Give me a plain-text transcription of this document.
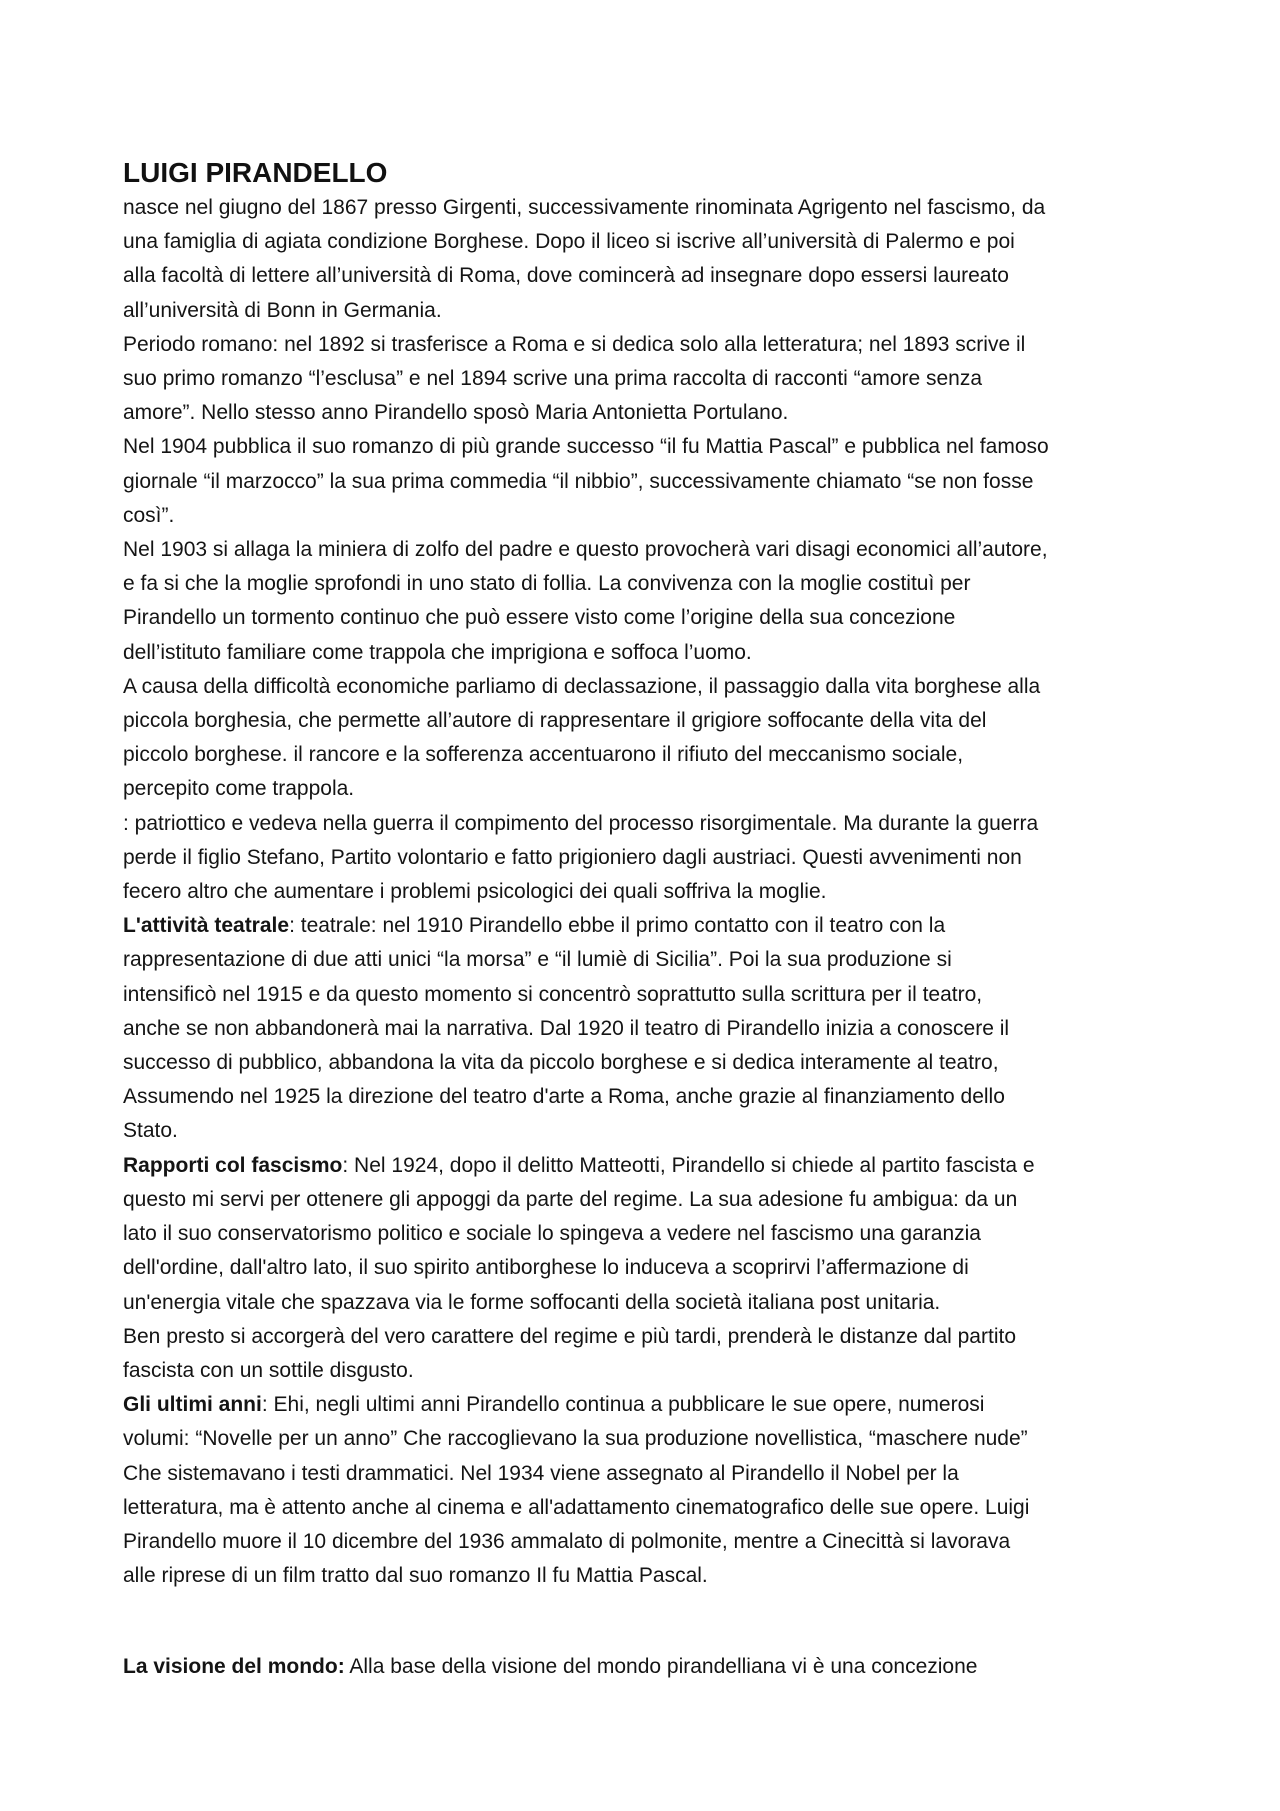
LUIGI PIRANDELLO

nasce nel giugno del 1867 presso Girgenti, successivamente rinominata Agrigento nel fascismo, da

una famiglia di agiata condizione Borghese. Dopo il liceo si iscrive all’università di Palermo e poi

alla facoltà di lettere all’università di Roma, dove comincerà ad insegnare dopo essersi laureato

all’università di Bonn in Germania.

Periodo romano: nel 1892 si trasferisce a Roma e si dedica solo alla letteratura; nel 1893 scrive il

suo primo romanzo “l’esclusa” e nel 1894 scrive una prima raccolta di racconti “amore senza

amore”. Nello stesso anno Pirandello sposò Maria Antonietta Portulano.

Nel 1904 pubblica il suo romanzo di più grande successo “il fu Mattia Pascal” e pubblica nel famoso

giornale “il marzocco” la sua prima commedia “il nibbio”, successivamente chiamato “se non fosse

così”.

Nel 1903 si allaga la miniera di zolfo del padre e questo provocherà vari disagi economici all’autore,

e fa si che la moglie sprofondi in uno stato di follia. La convivenza con la moglie costituì per

Pirandello un tormento continuo che può essere visto come l’origine della sua concezione

dell’istituto familiare come trappola che imprigiona e soffoca l’uomo.

A causa della difficoltà economiche parliamo di declassazione, il passaggio dalla vita borghese alla

piccola borghesia, che permette all’autore di rappresentare il grigiore soffocante della vita del

piccolo borghese. il rancore e la sofferenza accentuarono il rifiuto del meccanismo sociale,

percepito come trappola.

: patriottico e vedeva nella guerra il compimento del processo risorgimentale. Ma durante la guerra

perde il figlio Stefano, Partito volontario e fatto prigioniero dagli austriaci. Questi avvenimenti non

fecero altro che aumentare i problemi psicologici dei quali soffriva la moglie.

L'attività teatrale: teatrale: nel 1910 Pirandello ebbe il primo contatto con il teatro con la

rappresentazione di due atti unici “la morsa” e “il lumiè di Sicilia”. Poi la sua produzione si

intensificò nel 1915 e da questo momento si concentrò soprattutto sulla scrittura per il teatro,

anche se non abbandonerà mai la narrativa. Dal 1920 il teatro di Pirandello inizia a conoscere il

successo di pubblico, abbandona la vita da piccolo borghese e si dedica interamente al teatro,

Assumendo nel 1925 la direzione del teatro d'arte a Roma, anche grazie al finanziamento dello

Stato.

Rapporti col fascismo: Nel 1924, dopo il delitto Matteotti, Pirandello si chiede al partito fascista e

questo mi servi per ottenere gli appoggi da parte del regime. La sua adesione fu ambigua: da un

lato il suo conservatorismo politico e sociale lo spingeva a vedere nel fascismo una garanzia

dell'ordine, dall'altro lato, il suo spirito antiborghese lo induceva a scoprirvi l’affermazione di

un'energia vitale che spazzava via le forme soffocanti della società italiana post unitaria.

Ben presto si accorgerà del vero carattere del regime e più tardi, prenderà le distanze dal partito

fascista con un sottile disgusto.

Gli ultimi anni: Ehi, negli ultimi anni Pirandello continua a pubblicare le sue opere, numerosi

volumi: “Novelle per un anno” Che raccoglievano la sua produzione novellistica, “maschere nude”

Che sistemavano i testi drammatici. Nel 1934 viene assegnato al Pirandello il Nobel per la

letteratura, ma è attento anche al cinema e all'adattamento cinematografico delle sue opere. Luigi

Pirandello muore il 10 dicembre del 1936 ammalato di polmonite, mentre a Cinecittà si lavorava

alle riprese di un film tratto dal suo romanzo Il fu Mattia Pascal.

La visione del mondo: Alla base della visione del mondo pirandelliana vi è una concezione
